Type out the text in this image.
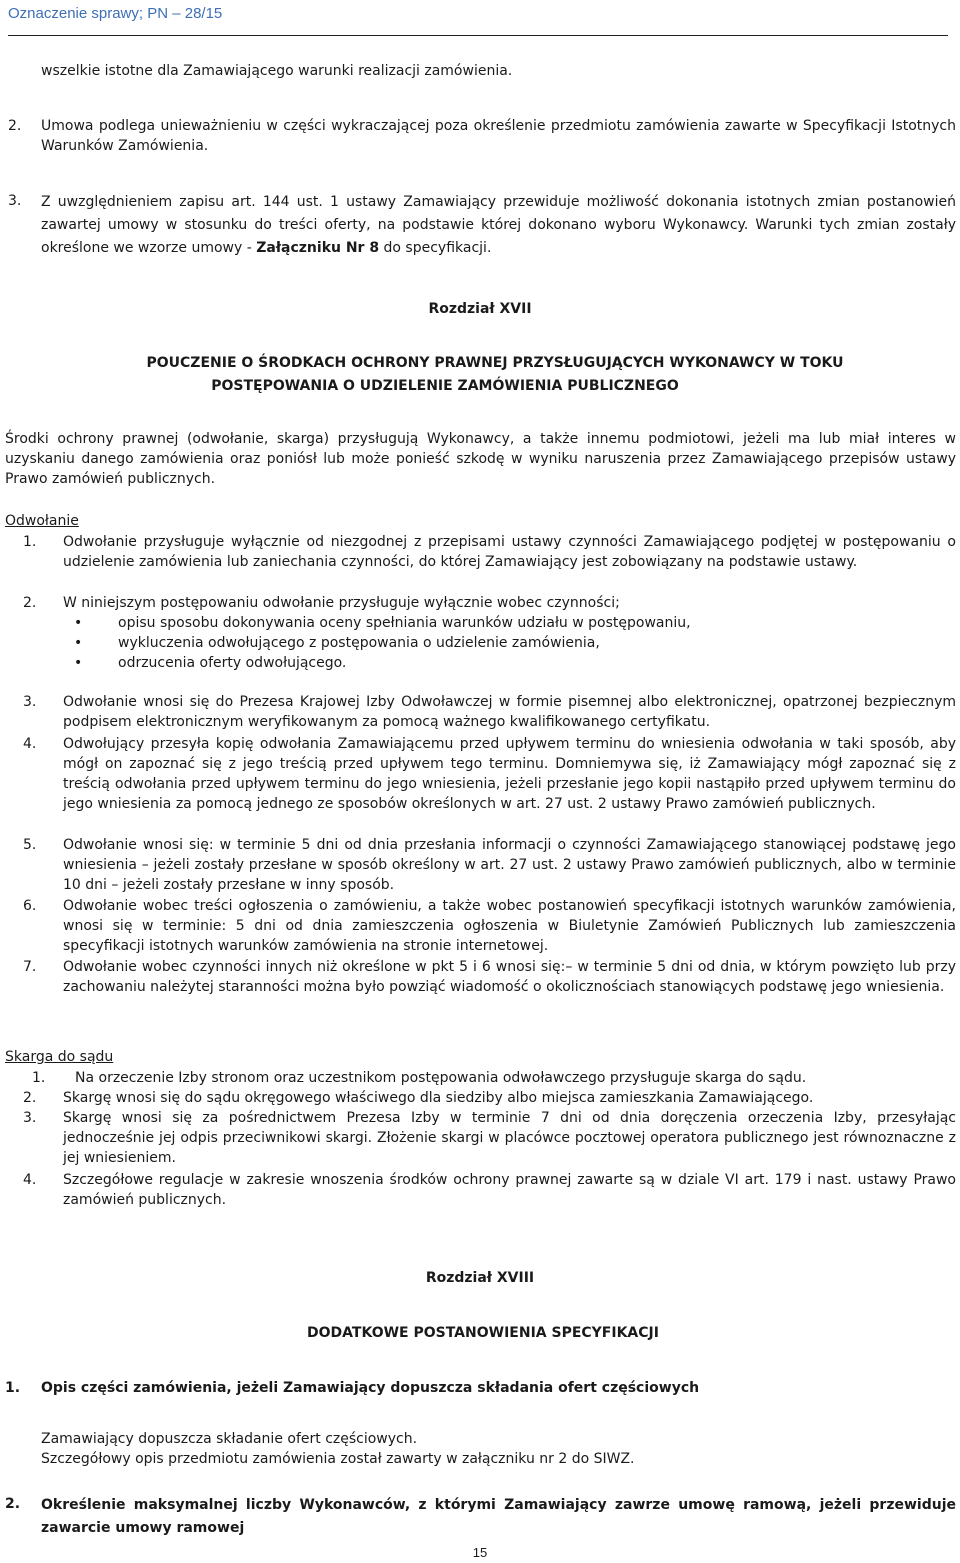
Oznaczenie sprawy; PN – 28/15
wszelkie istotne dla Zamawiającego warunki realizacji zamówienia.
2. Umowa podlega unieważnieniu w części wykraczającej poza określenie przedmiotu zamówienia zawarte w Specyfikacji Istotnych Warunków Zamówienia.
3. Z uwzględnieniem zapisu art. 144 ust. 1 ustawy Zamawiający przewiduje możliwość dokonania istotnych zmian postanowień zawartej umowy w stosunku do treści oferty, na podstawie której dokonano wyboru Wykonawcy. Warunki tych zmian zostały określone we wzorze umowy - Załączniku Nr 8 do specyfikacji.
Rozdział XVII
POUCZENIE O ŚRODKACH OCHRONY PRAWNEJ PRZYSŁUGUJĄCYCH WYKONAWCY W TOKU
POSTĘPOWANIA O UDZIELENIE ZAMÓWIENIA PUBLICZNEGO
Środki ochrony prawnej (odwołanie, skarga) przysługują Wykonawcy, a także innemu podmiotowi, jeżeli ma lub miał interes w uzyskaniu danego zamówienia oraz poniósł lub może ponieść szkodę w wyniku naruszenia przez Zamawiającego przepisów ustawy Prawo zamówień publicznych.
Odwołanie
1. Odwołanie przysługuje wyłącznie od niezgodnej z przepisami ustawy czynności Zamawiającego podjętej w postępowaniu o udzielenie zamówienia lub zaniechania czynności, do której Zamawiający jest zobowiązany na podstawie ustawy.
2. W niniejszym postępowaniu odwołanie przysługuje wyłącznie wobec czynności;
opisu sposobu dokonywania oceny spełniania warunków udziału w postępowaniu,
wykluczenia odwołującego z postępowania o udzielenie zamówienia,
odrzucenia oferty odwołującego.
3. Odwołanie wnosi się do Prezesa Krajowej Izby Odwoławczej w formie pisemnej albo elektronicznej, opatrzonej bezpiecznym podpisem elektronicznym weryfikowanym za pomocą ważnego kwalifikowanego certyfikatu.
4. Odwołujący przesyła kopię odwołania Zamawiającemu przed upływem terminu do wniesienia odwołania w taki sposób, aby mógł on zapoznać się z jego treścią przed upływem tego terminu. Domniemywa się, iż Zamawiający mógł zapoznać się z treścią odwołania przed upływem terminu do jego wniesienia, jeżeli przesłanie jego kopii nastąpiło przed upływem terminu do jego wniesienia za pomocą jednego ze sposobów określonych w art. 27 ust. 2 ustawy Prawo zamówień publicznych.
5. Odwołanie wnosi się: w terminie 5 dni od dnia przesłania informacji o czynności Zamawiającego stanowiącej podstawę jego wniesienia – jeżeli zostały przesłane w sposób określony w art. 27 ust. 2 ustawy Prawo zamówień publicznych, albo w terminie 10 dni – jeżeli zostały przesłane w inny sposób.
6. Odwołanie wobec treści ogłoszenia o zamówieniu, a także wobec postanowień specyfikacji istotnych warunków zamówienia, wnosi się w terminie: 5 dni od dnia zamieszczenia ogłoszenia w Biuletynie Zamówień Publicznych lub zamieszczenia specyfikacji istotnych warunków zamówienia na stronie internetowej.
7. Odwołanie wobec czynności innych niż określone w pkt 5 i 6 wnosi się:– w terminie 5 dni od dnia, w którym powzięto lub przy zachowaniu należytej staranności można było powziąć wiadomość o okolicznościach stanowiących podstawę jego wniesienia.
Skarga do sądu
1. Na orzeczenie Izby stronom oraz uczestnikom postępowania odwoławczego przysługuje skarga do sądu.
2. Skargę wnosi się do sądu okręgowego właściwego dla siedziby albo miejsca zamieszkania Zamawiającego.
3. Skargę wnosi się za pośrednictwem Prezesa Izby w terminie 7 dni od dnia doręczenia orzeczenia Izby, przesyłając jednocześnie jej odpis przeciwnikowi skargi. Złożenie skargi w placówce pocztowej operatora publicznego jest równoznaczne z jej wniesieniem.
4. Szczegółowe regulacje w zakresie wnoszenia środków ochrony prawnej zawarte są w dziale VI art. 179 i nast. ustawy Prawo zamówień publicznych.
Rozdział XVIII
DODATKOWE POSTANOWIENIA SPECYFIKACJI
1. Opis części zamówienia, jeżeli Zamawiający dopuszcza składania ofert częściowych
Zamawiający dopuszcza składanie ofert częściowych.
Szczegółowy opis przedmiotu zamówienia został zawarty w załączniku nr 2 do SIWZ.
2. Określenie maksymalnej liczby Wykonawców, z którymi Zamawiający zawrze umowę ramową, jeżeli przewiduje zawarcie umowy ramowej
15
